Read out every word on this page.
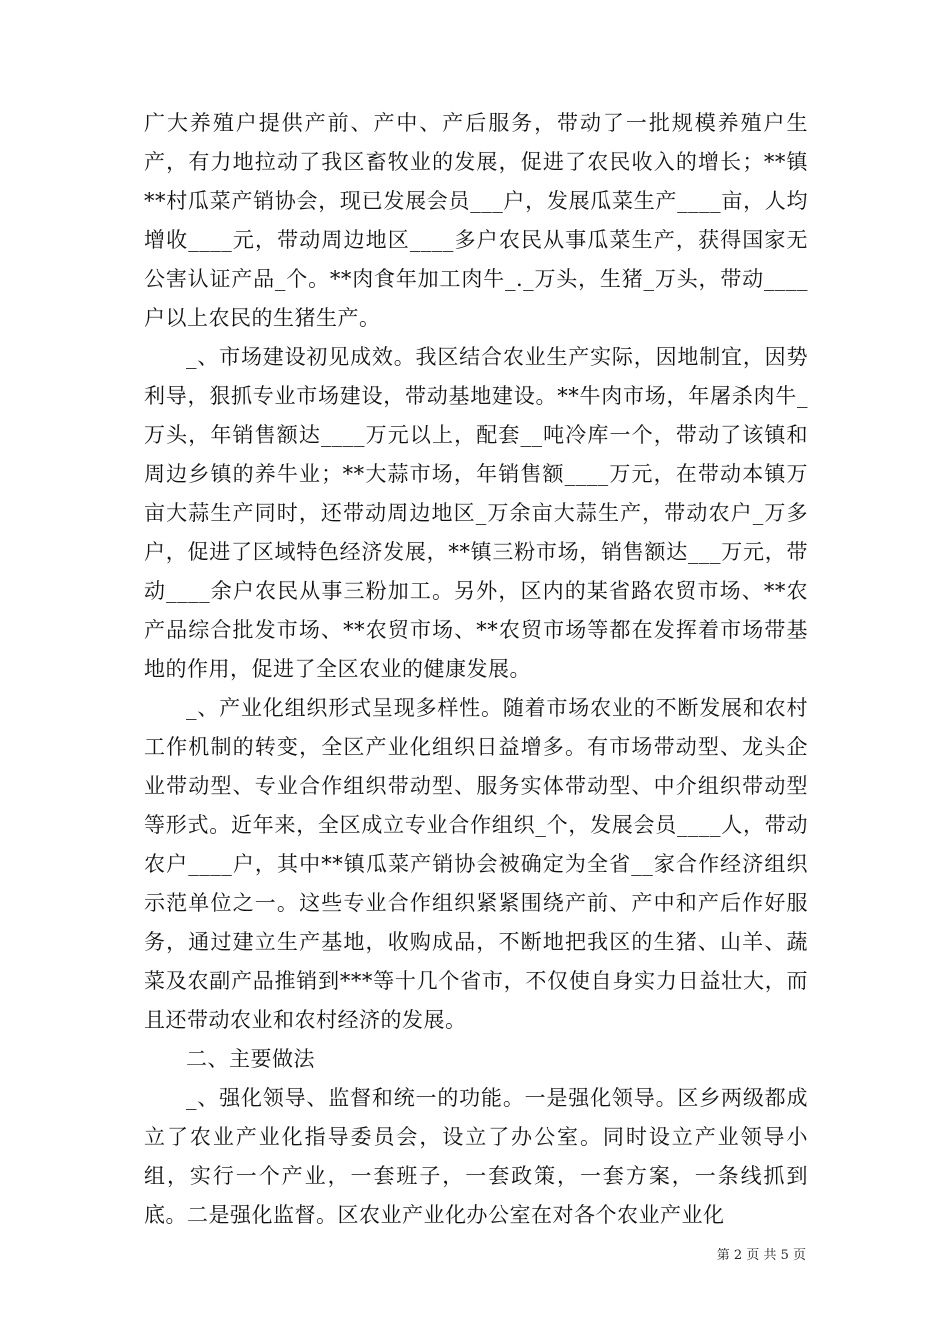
广大养殖户提供产前、产中、产后服务，带动了一批规模养殖户生产，有力地拉动了我区畜牧业的发展，促进了农民收入的增长；**镇**村瓜菜产销协会，现已发展会员___户，发展瓜菜生产____亩，人均增收____元，带动周边地区____多户农民从事瓜菜生产，获得国家无公害认证产品_个。**肉食年加工肉牛_._万头，生猪_万头，带动____户以上农民的生猪生产。

_、市场建设初见成效。我区结合农业生产实际，因地制宜，因势利导，狠抓专业市场建设，带动基地建设。**牛肉市场，年屠杀肉牛_万头，年销售额达____万元以上，配套__吨冷库一个，带动了该镇和周边乡镇的养牛业；**大蒜市场，年销售额____万元，在带动本镇万亩大蒜生产同时，还带动周边地区_万余亩大蒜生产，带动农户_万多户，促进了区域特色经济发展，**镇三粉市场，销售额达___万元，带动____余户农民从事三粉加工。另外，区内的某省路农贸市场、**农产品综合批发市场、**农贸市场、**农贸市场等都在发挥着市场带基地的作用，促进了全区农业的健康发展。

_、产业化组织形式呈现多样性。随着市场农业的不断发展和农村工作机制的转变，全区产业化组织日益增多。有市场带动型、龙头企业带动型、专业合作组织带动型、服务实体带动型、中介组织带动型等形式。近年来，全区成立专业合作组织_个，发展会员____人，带动农户____户，其中**镇瓜菜产销协会被确定为全省__家合作经济组织示范单位之一。这些专业合作组织紧紧围绕产前、产中和产后作好服务，通过建立生产基地，收购成品，不断地把我区的生猪、山羊、蔬菜及农副产品推销到***等十几个省市，不仅使自身实力日益壮大，而且还带动农业和农村经济的发展。

二、主要做法

_、强化领导、监督和统一的功能。一是强化领导。区乡两级都成立了农业产业化指导委员会，设立了办公室。同时设立产业领导小组，实行一个产业，一套班子，一套政策，一套方案，一条线抓到底。二是强化监督。区农业产业化办公室在对各个农业产业化

第 2 页 共 5 页
